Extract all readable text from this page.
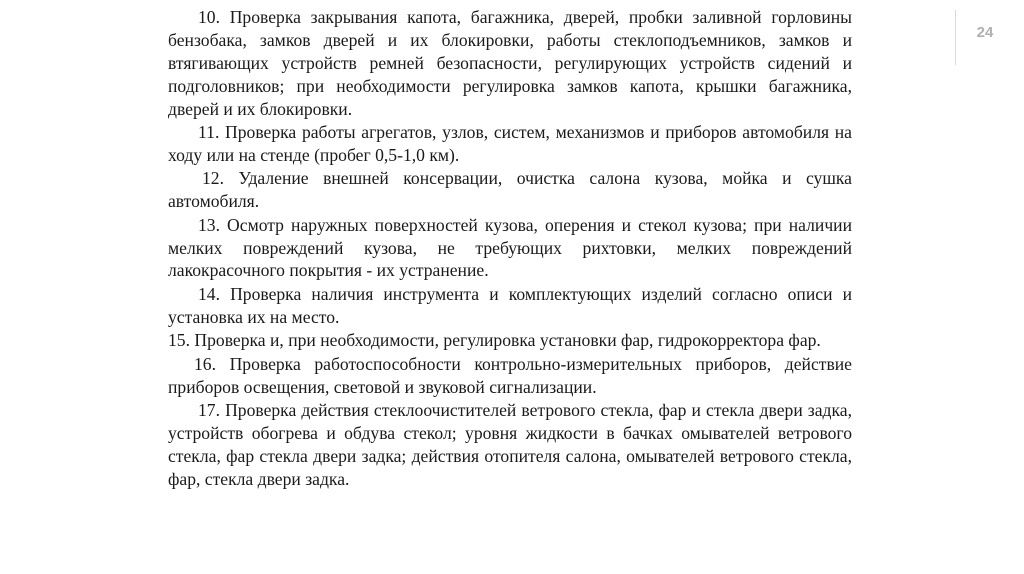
24

10. Проверка закрывания капота, багажника, дверей, пробки заливной горловины бензобака, замков дверей и их блокировки, работы стеклоподъемников, замков и втягивающих устройств ремней безопасности, регулирующих устройств сидений и подголовников; при необходимости регулировка замков капота, крышки багажника, дверей и их блокировки.

11. Проверка работы агрегатов, узлов, систем, механизмов и приборов автомобиля на ходу или на стенде (пробег 0,5-1,0 км).

12. Удаление внешней консервации, очистка салона кузова, мойка и сушка автомобиля.

13. Осмотр наружных поверхностей кузова, оперения и стекол кузова; при наличии мелких повреждений кузова, не требующих рихтовки, мелких повреждений лакокрасочного покрытия - их устранение.

14. Проверка наличия инструмента и комплектующих изделий согласно описи и установка их на место.

15. Проверка и, при необходимости, регулировка установки фар, гидрокорректора фар.

16. Проверка работоспособности контрольно-измерительных приборов, действие приборов освещения, световой и звуковой сигнализации.

17. Проверка действия стеклоочистителей ветрового стекла, фар и стекла двери задка, устройств обогрева и обдува стекол; уровня жидкости в бачках омывателей ветрового стекла, фар стекла двери задка; действия отопителя салона, омывателей ветрового стекла, фар, стекла двери задка.
